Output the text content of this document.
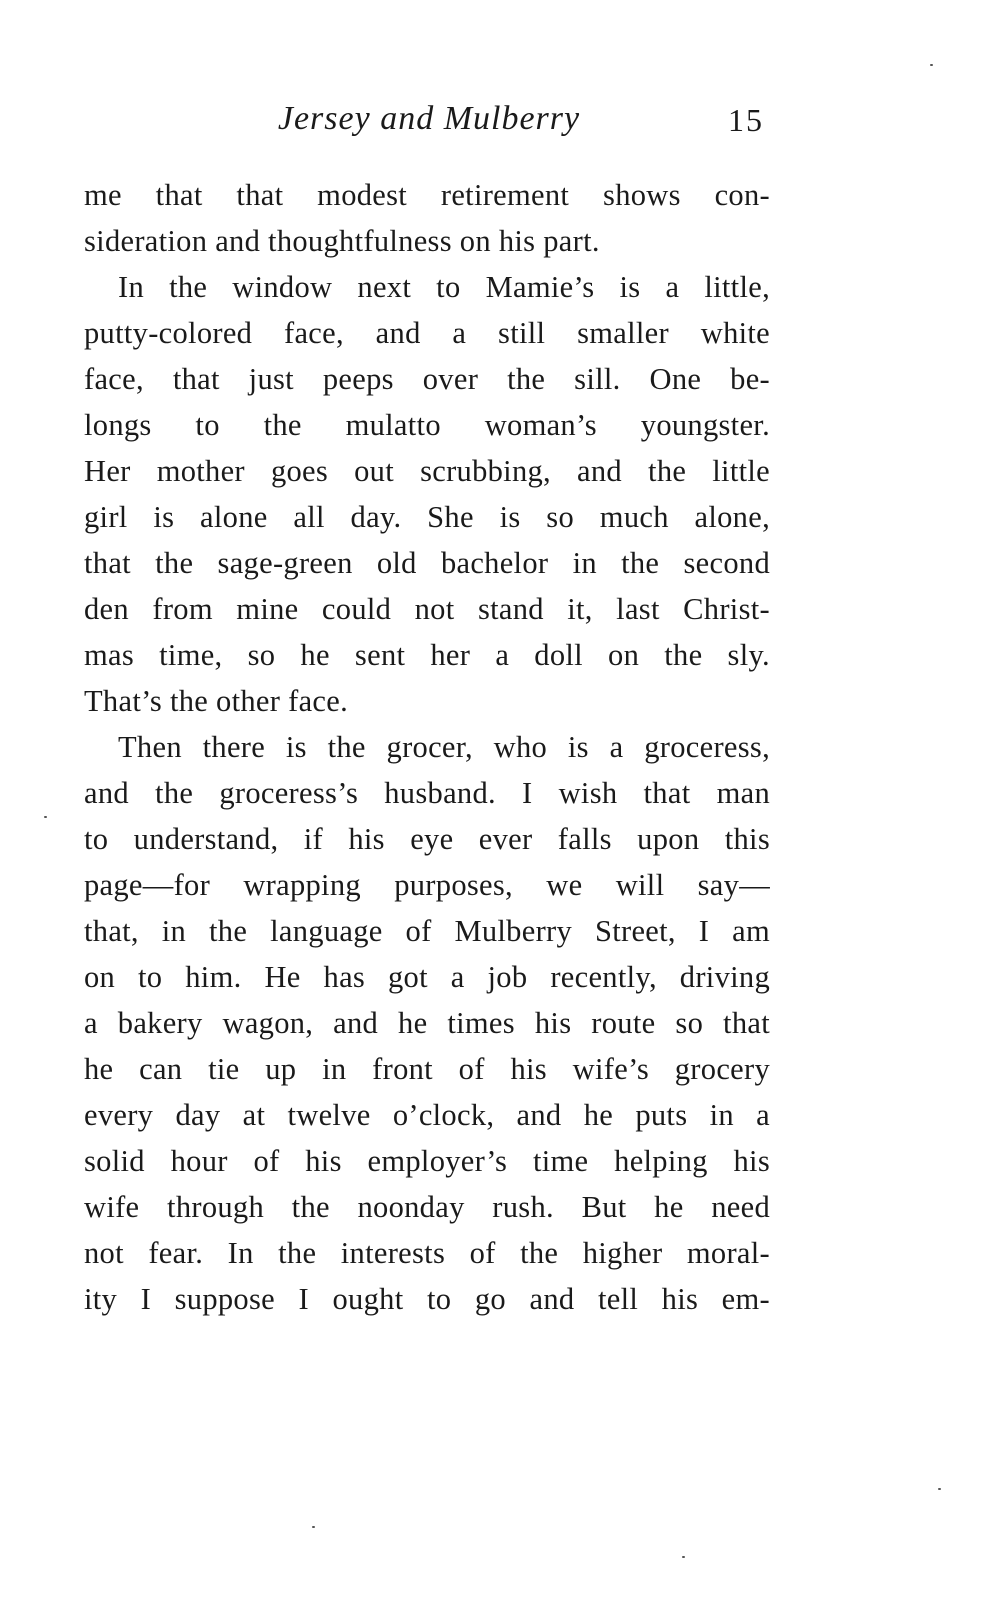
Jersey and Mulberry	15
me that that modest retirement shows con-
sideration and thoughtfulness on his part.
In the window next to Mamie’s is a little,
putty-colored face, and a still smaller white
face, that just peeps over the sill. One be-
longs to the mulatto woman’s youngster.
Her mother goes out scrubbing, and the little
girl is alone all day. She is so much alone,
that the sage-green old bachelor in the second
den from mine could not stand it, last Christ-
mas time, so he sent her a doll on the sly.
That’s the other face.
Then there is the grocer, who is a groceress,
and the groceress’s husband. I wish that man
to understand, if his eye ever falls upon this
page—for wrapping purposes, we will say—
that, in the language of Mulberry Street, I am
on to him. He has got a job recently, driving
a bakery wagon, and he times his route so that
he can tie up in front of his wife’s grocery
every day at twelve o’clock, and he puts in a
solid hour of his employer’s time helping his
wife through the noonday rush. But he need
not fear. In the interests of the higher moral-
ity I suppose I ought to go and tell his em-
